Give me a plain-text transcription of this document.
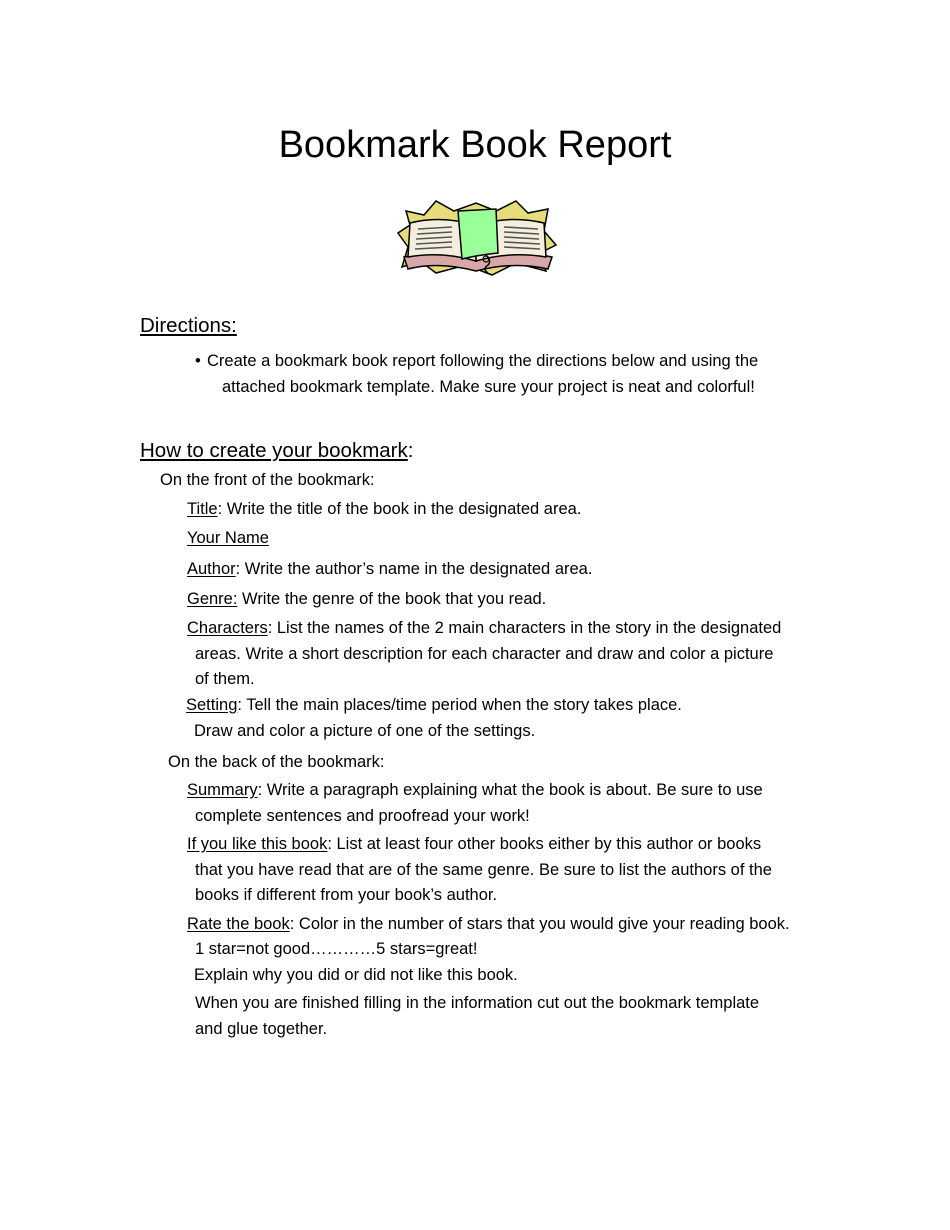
Bookmark Book Report
Directions:
• Create a bookmark book report following the directions below and using the
attached bookmark template. Make sure your project is neat and colorful!
How to create your bookmark:
On the front of the bookmark:
Title: Write the title of the book in the designated area.
Your Name
Author: Write the author’s name in the designated area.
Genre: Write the genre of the book that you read.
Characters: List the names of the 2 main characters in the story in the designated
areas. Write a short description for each character and draw and color a picture
of them.
Setting: Tell the main places/time period when the story takes place.
Draw and color a picture of one of the settings.
On the back of the bookmark:
Summary: Write a paragraph explaining what the book is about. Be sure to use
complete sentences and proofread your work!
If you like this book: List at least four other books either by this author or books
that you have read that are of the same genre. Be sure to list the authors of the
books if different from your book’s author.
Rate the book: Color in the number of stars that you would give your reading book.
1 star=not good…………5 stars=great!
Explain why you did or did not like this book.
When you are finished filling in the information cut out the bookmark template
and glue together.
